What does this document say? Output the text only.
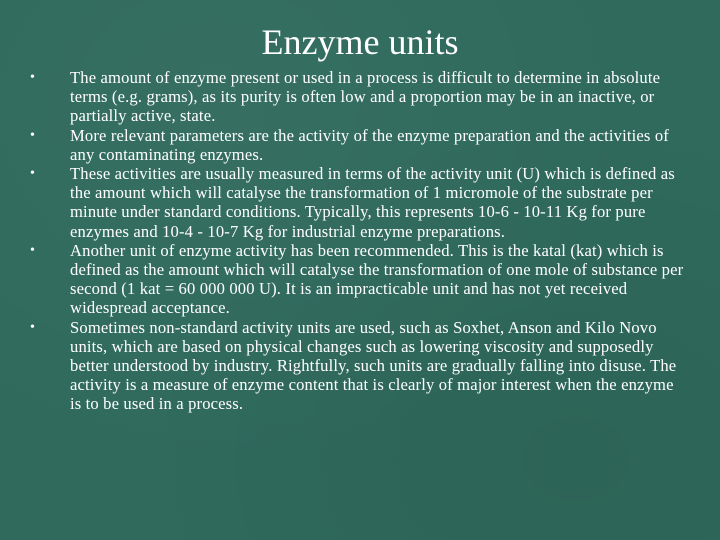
Enzyme units
•	The amount of enzyme present or used in a process is difficult to determine in absolute terms (e.g. grams), as its purity is often low and a proportion may be in an inactive, or partially active, state.
•	More relevant parameters are the activity of the enzyme preparation and the activities of any contaminating enzymes.
•	These activities are usually measured in terms of the activity unit (U) which is defined as the amount which will catalyse the transformation of 1 micromole of the substrate per minute under standard conditions. Typically, this represents 10-6 - 10-11 Kg for pure enzymes and 10-4 - 10-7 Kg for industrial enzyme preparations.
•	Another unit of enzyme activity has been recommended. This is the katal (kat) which is defined as the amount which will catalyse the transformation of one mole of substance per second (1 kat = 60 000 000 U). It is an impracticable unit and has not yet received widespread acceptance.
•	Sometimes non-standard activity units are used, such as Soxhet, Anson and Kilo Novo units, which are based on physical changes such as lowering viscosity and supposedly better understood by industry. Rightfully, such units are gradually falling into disuse. The activity is a measure of enzyme content that is clearly of major interest when the enzyme is to be used in a process.
